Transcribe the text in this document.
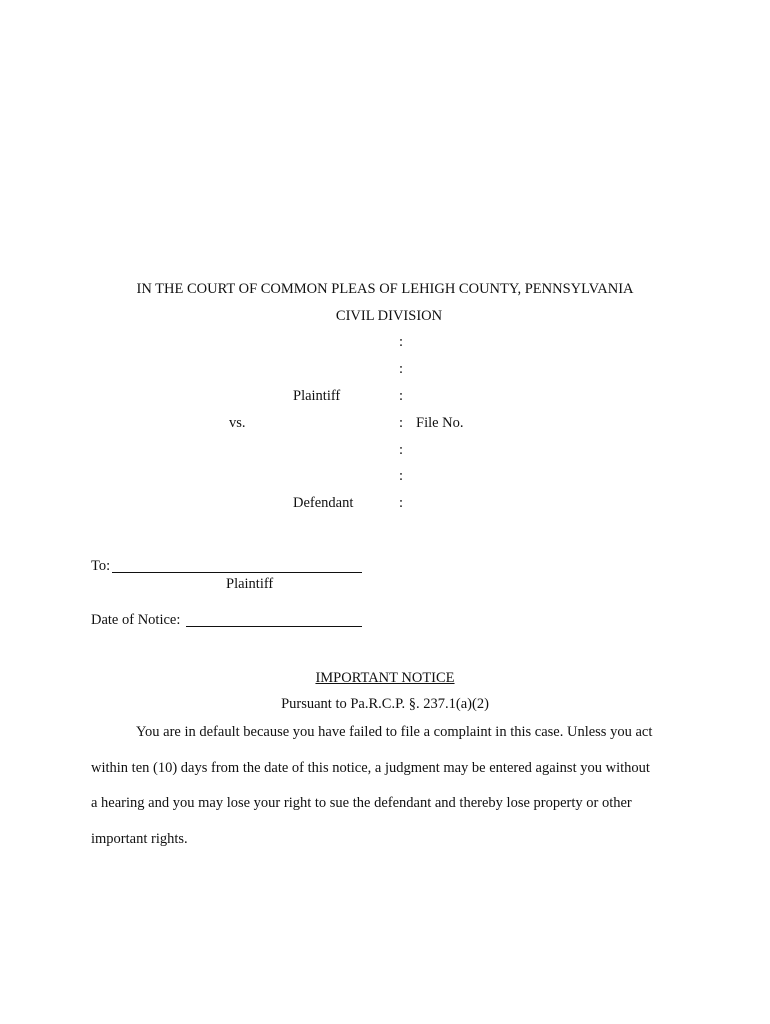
IN THE COURT OF COMMON PLEAS OF LEHIGH COUNTY, PENNSYLVANIA
CIVIL DIVISION
:
:
:
:
:
:
:
Plaintiff
vs.	File No.
Defendant
To:
Plaintiff
Date of Notice:
IMPORTANT NOTICE
Pursuant to Pa.R.C.P. §. 237.1(a)(2)
You are in default because you have failed to file a complaint in this case. Unless you act
within ten (10) days from the date of this notice, a judgment may be entered against you without
a hearing and you may lose your right to sue the defendant and thereby lose property or other
important rights.
